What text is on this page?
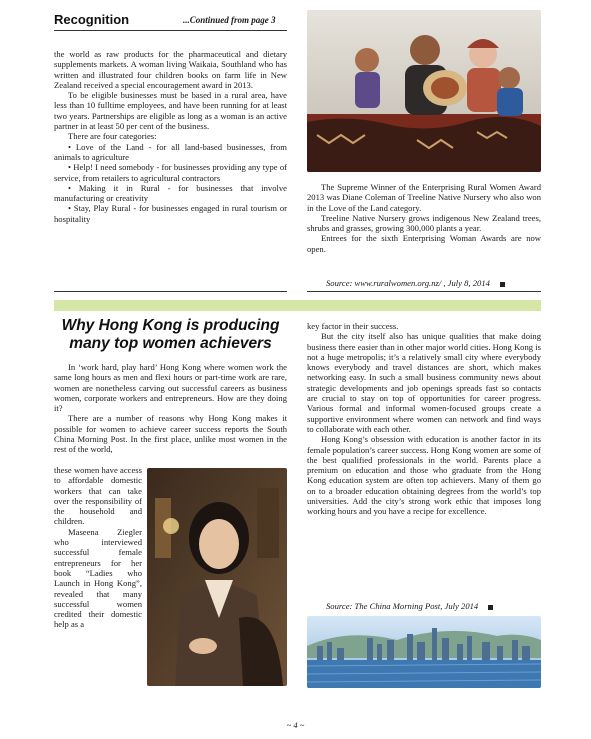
Recognition	...Continued from page 3

the world as raw products for the pharmaceutical and dietary supplements markets. A woman living Waikaia, Southland who has written and illustrated four children books on farm life in New Zealand received a special encouragement award in 2013.

To be eligible businesses must be based in a rural area, have less than 10 fulltime employees, and have been running for at least two years. Partnerships are eligible as long as a woman is an active partner in at least 50 per cent of the business.

There are four categories:

• Love of the Land - for all land-based businesses, from animals to agriculture

• Help! I need somebody - for businesses providing any type of service, from retailers to agricultural contractors

• Making it in Rural - for businesses that involve manufacturing or creativity

• Stay, Play Rural - for businesses engaged in rural tourism or hospitality

The Supreme Winner of the Enterprising Rural Women Award 2013 was Diane Coleman of Treeline Native Nursery who also won in the Love of the Land category.

Treeline Native Nursery grows indigenous New Zealand trees, shrubs and grasses, growing 300,000 plants a year.

Entrees for the sixth Enterprising Woman Awards are now open.

Source: www.ruralwomen.org.nz/ , July 8, 2014
Why Hong Kong is producing many top women achievers

In ‘work hard, play hard’ Hong Kong where women work the same long hours as men and flexi hours or part-time work are rare, women are nonetheless carving out successful careers as business women, corporate workers and entrepreneurs. How are they doing it?

There are a number of reasons why Hong Kong makes it possible for women to achieve career success reports the South China Morning Post. In the first place, unlike most women in the rest of the world,

these women have access to affordable domestic workers that can take over the responsibility of the household and children.

Maseena Ziegler who interviewed successful female entrepreneurs for her book “Ladies who Launch in Hong Kong”, revealed that many successful women credited their domestic help as a

key factor in their success.

But the city itself also has unique qualities that make doing business there easier than in other major world cities. Hong Kong is not a huge metropolis; it’s a relatively small city where everybody knows everybody and travel distances are short, which makes networking easy. In such a small business community news about strategic developments and job openings spreads fast so contacts are crucial to stay on top of opportunities for career progress. Various formal and informal women-focused groups create a supportive environment where women can network and find ways to collaborate with each other.

Hong Kong’s obsession with education is another factor in its female population’s career success. Hong Kong women are some of the best qualified professionals in the world. Parents place a premium on education and those who graduate from the Hong Kong education system are often top achievers. Many of them go on to a broader education obtaining degrees from the world’s top universities. Add the city’s strong work ethic that imposes long working hours and you have a recipe for excellence.

Source: The China Morning Post, July 2014
~ 4 ~
